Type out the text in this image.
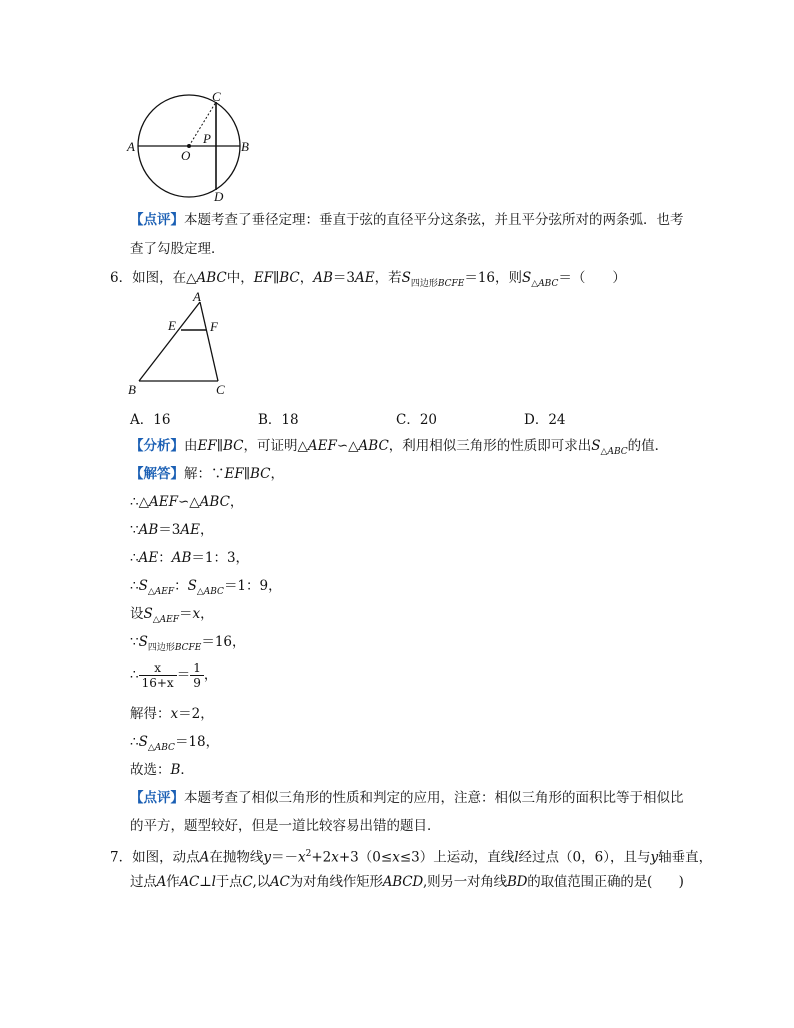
A	B
C
D
O
P
【点评】本题考查了垂径定理：垂直于弦的直径平分这条弦，并且平分弦所对的两条弧．也考
查了勾股定理．
6．如图，在△ABC中，EF∥BC，AB＝3AE，若$S_{四边形BCFE}=16$，则$S_{\triangle ABC}=$（　　）
A
E	F
B	C
A．16	B．18	C．20	D．24
【分析】由EF∥BC，可证明△AEF∽△ABC，利用相似三角形的性质即可求出$S_{\triangle ABC}$的值．
【解答】解：∵EF∥BC，
∴△AEF∽△ABC，
∵AB＝3AE，
∴AE：AB＝1：3，
$\therefore S_{\triangle AEF}$：$S_{\triangle ABC}=1$：9，
设$S_{\triangle AEF}=x$，
$\because S_{四边形BCFE}=16$，
∴ $\frac{x}{16+x} = \frac{1}{9}$ ，
解得：x＝2，
$\therefore S_{\triangle ABC}=18$，
故选：B．
【点评】本题考查了相似三角形的性质和判定的应用，注意：相似三角形的面积比等于相似比
的平方，题型较好，但是一道比较容易出错的题目．
7．如图，动点A在抛物线$y=-x^2+2x+3(0\le x\le 3)$上运动，直线l经过点（0，6），且与y轴垂直，
过点A作AC⊥l于点C,以AC为对角线作矩形ABCD,则另一对角线BD的取值范围正确的是(　　)
